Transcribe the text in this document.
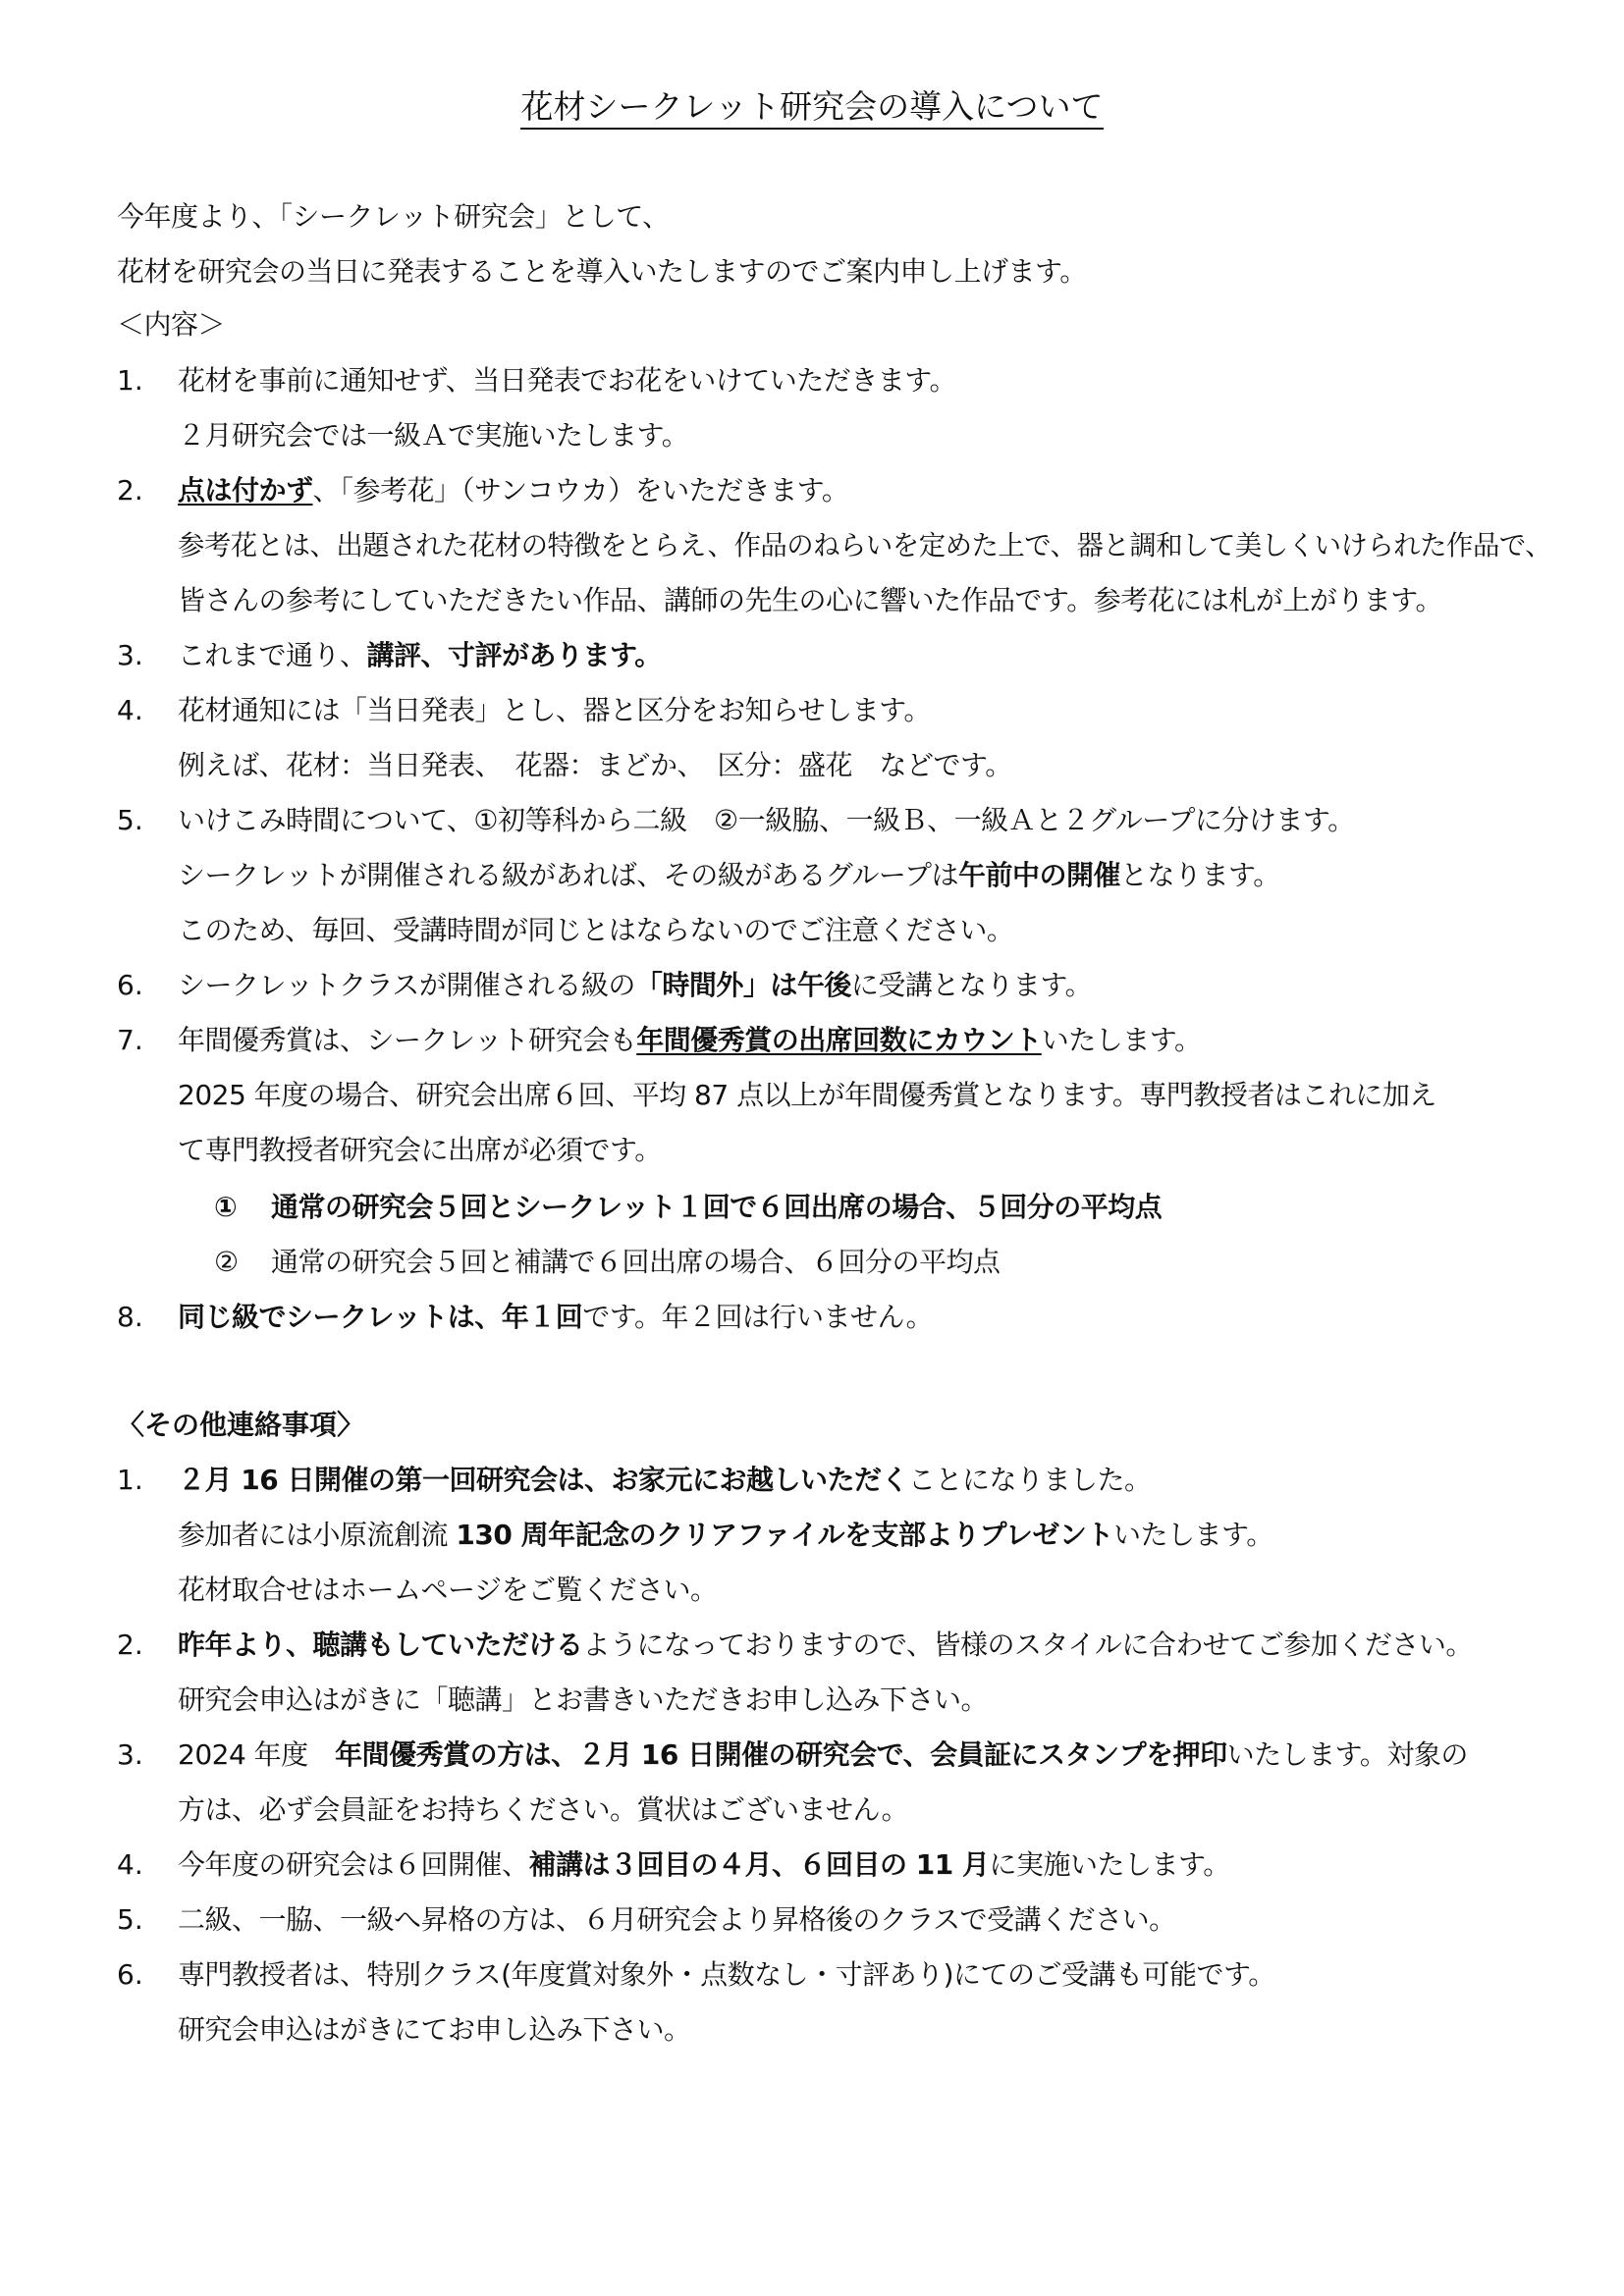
花材シークレット研究会の導入について
今年度より、「シークレット研究会」として、
花材を研究会の当日に発表することを導入いたしますのでご案内申し上げます。
＜内容＞
1. 花材を事前に通知せず、当日発表でお花をいけていただきます。
２月研究会では一級Ａで実施いたします。
2. 点は付かず、「参考花」（サンコウカ）をいただきます。
参考花とは、出題された花材の特徴をとらえ、作品のねらいを定めた上で、器と調和して美しくいけられた作品で、
皆さんの参考にしていただきたい作品、講師の先生の心に響いた作品です。参考花には札が上がります。
3. これまで通り、講評、寸評があります。
4. 花材通知には「当日発表」とし、器と区分をお知らせします。
例えば、花材：当日発表、　花器：まどか、　区分：盛花　などです。
5. いけこみ時間について、①初等科から二級　②一級脇、一級Ｂ、一級Ａと２グループに分けます。
シークレットが開催される級があれば、その級があるグループは午前中の開催となります。
このため、毎回、受講時間が同じとはならないのでご注意ください。
6. シークレットクラスが開催される級の「時間外」は午後に受講となります。
7. 年間優秀賞は、シークレット研究会も年間優秀賞の出席回数にカウントいたします。
2025 年度の場合、研究会出席６回、平均 87 点以上が年間優秀賞となります。専門教授者はこれに加え
て専門教授者研究会に出席が必須です。
① 通常の研究会５回とシークレット１回で６回出席の場合、５回分の平均点
② 通常の研究会５回と補講で６回出席の場合、６回分の平均点
8. 同じ級でシークレットは、年１回です。年２回は行いません。
〈その他連絡事項〉
1. ２月 16 日開催の第一回研究会は、お家元にお越しいただくことになりました。
参加者には小原流創流 130 周年記念のクリアファイルを支部よりプレゼントいたします。
花材取合せはホームページをご覧ください。
2. 昨年より、聴講もしていただけるようになっておりますので、皆様のスタイルに合わせてご参加ください。
研究会申込はがきに「聴講」とお書きいただきお申し込み下さい。
3. 2024 年度　年間優秀賞の方は、２月 16 日開催の研究会で、会員証にスタンプを押印いたします。対象の
方は、必ず会員証をお持ちください。賞状はございません。
4. 今年度の研究会は６回開催、補講は３回目の４月、６回目の 11 月に実施いたします。
5. 二級、一脇、一級へ昇格の方は、６月研究会より昇格後のクラスで受講ください。
6. 専門教授者は、特別クラス(年度賞対象外・点数なし・寸評あり)にてのご受講も可能です。
研究会申込はがきにてお申し込み下さい。
